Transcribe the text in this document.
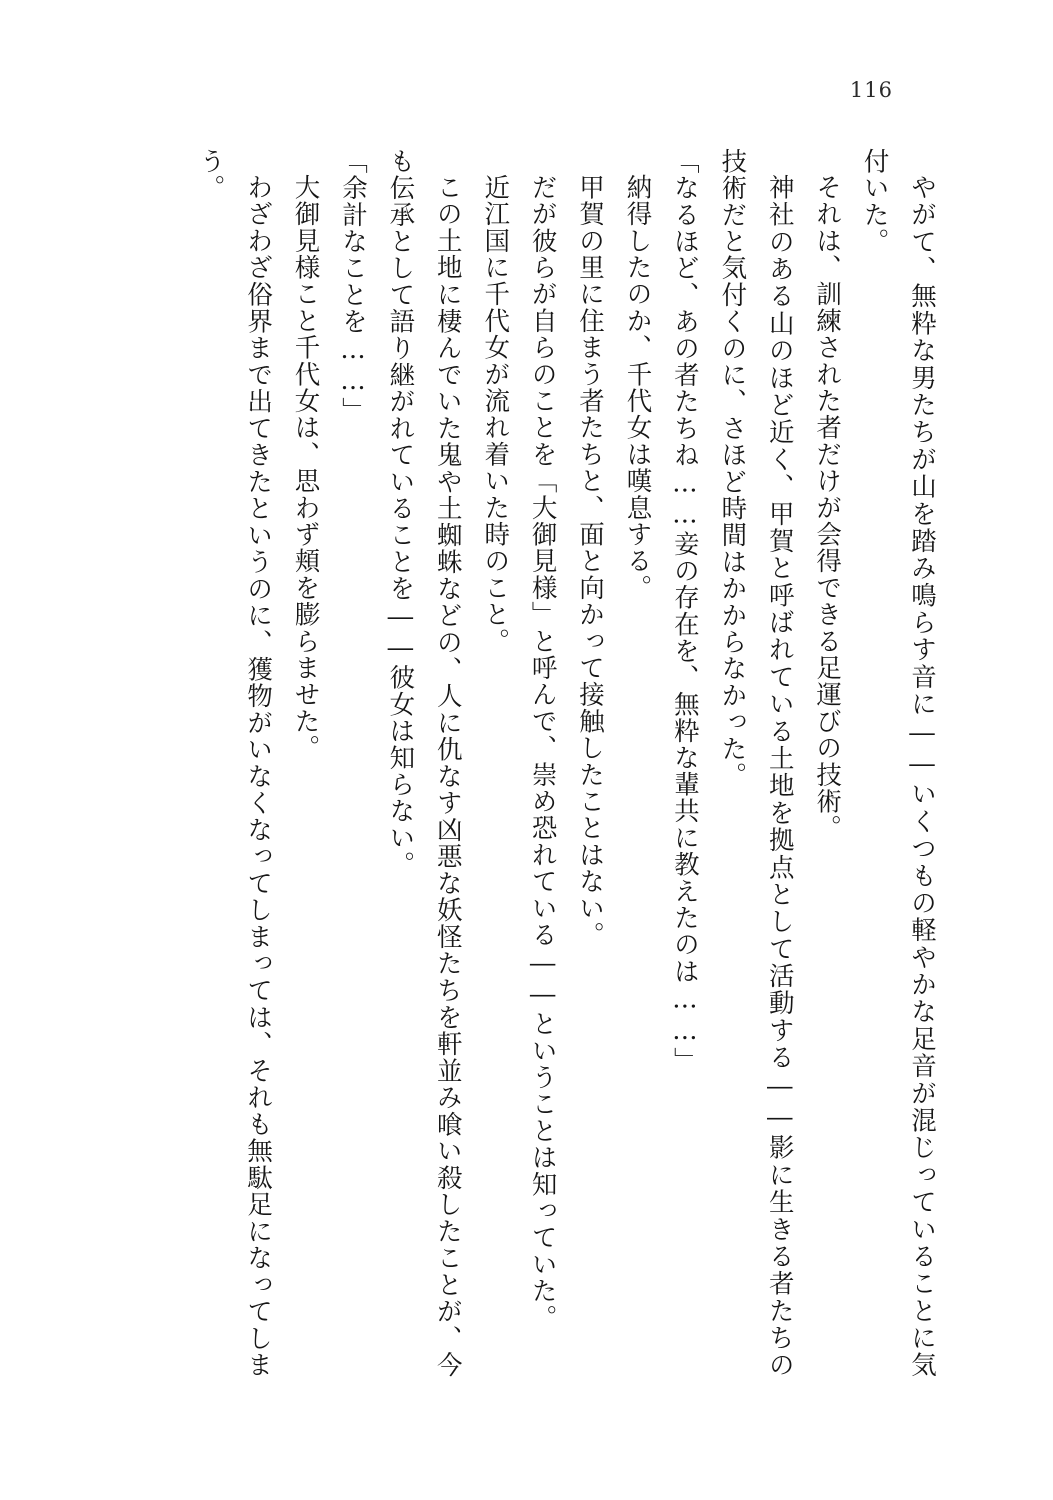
116

やがて、無粋な男たちが山を踏み鳴らす音に――いくつもの軽やかな足音が混じっていることに気付いた。

それは、訓練された者だけが会得できる足運びの技術。

神社のある山のほど近く、甲賀と呼ばれている土地を拠点として活動する――影に生きる者たちの技術だと気付くのに、さほど時間はかからなかった。

「なるほど、あの者たちね……妾の存在を、無粋な輩共に教えたのは……」

納得したのか、千代女は嘆息する。

甲賀の里に住まう者たちと、面と向かって接触したことはない。

だが彼らが自らのことを「大御見様」と呼んで、崇め恐れている――ということは知っていた。

近江国に千代女が流れ着いた時のこと。

この土地に棲んでいた鬼や土蜘蛛などの、人に仇なす凶悪な妖怪たちを軒並み喰い殺したことが、今も伝承として語り継がれていることを――彼女は知らない。

「余計なことを……」

大御見様こと千代女は、思わず頬を膨らませた。

わざわざ俗界まで出てきたというのに、獲物がいなくなってしまっては、それも無駄足になってしまう。
